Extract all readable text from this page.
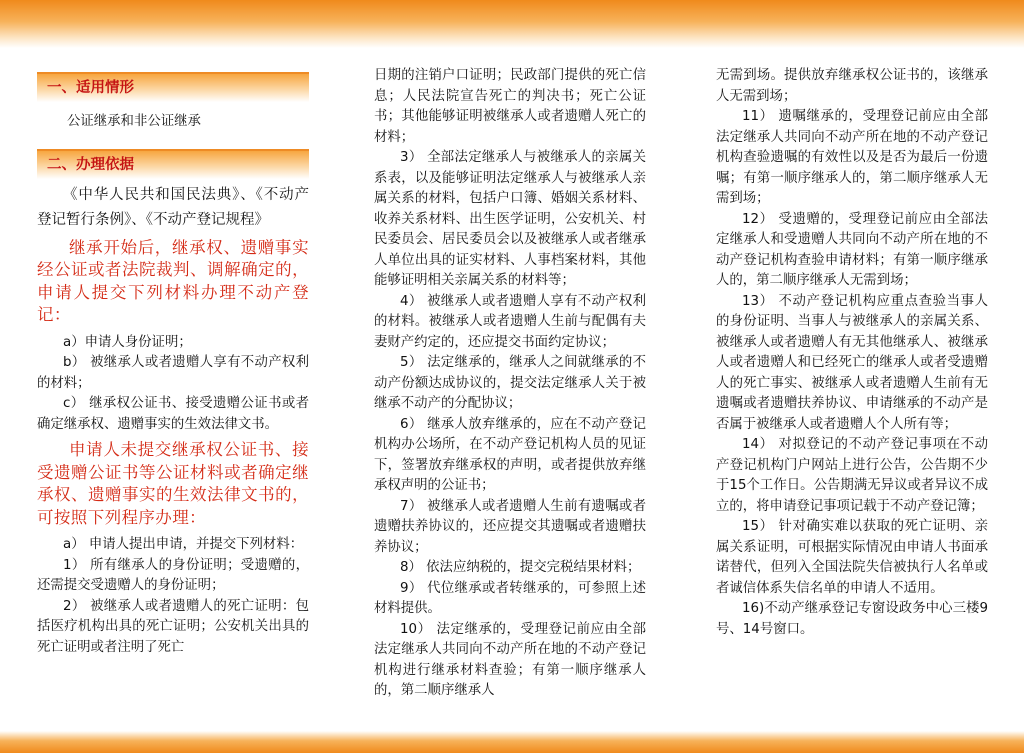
一、适用情形

公证继承和非公证继承

二、办理依据

《中华人民共和国民法典》、《不动产登记暂行条例》、《不动产登记规程》

继承开始后，继承权、遗赠事实经公证或者法院裁判、调解确定的，申请人提交下列材料办理不动产登记：

a）申请人身份证明；

b） 被继承人或者遗赠人享有不动产权利的材料；

c） 继承权公证书、接受遗赠公证书或者确定继承权、遗赠事实的生效法律文书。

申请人未提交继承权公证书、接受遗赠公证书等公证材料或者确定继承权、遗赠事实的生效法律文书的，可按照下列程序办理：

a） 申请人提出申请，并提交下列材料：

1） 所有继承人的身份证明；受遗赠的，还需提交受遗赠人的身份证明；

2） 被继承人或者遗赠人的死亡证明：包括医疗机构出具的死亡证明；公安机关出具的死亡证明或者注明了死亡

日期的注销户口证明；民政部门提供的死亡信息；人民法院宣告死亡的判决书；死亡公证书；其他能够证明被继承人或者遗赠人死亡的材料；

3） 全部法定继承人与被继承人的亲属关系表，以及能够证明法定继承人与被继承人亲属关系的材料，包括户口簿、婚姻关系材料、收养关系材料、出生医学证明，公安机关、村民委员会、居民委员会以及被继承人或者继承人单位出具的证实材料、人事档案材料，其他能够证明相关亲属关系的材料等；

4） 被继承人或者遗赠人享有不动产权利的材料。被继承人或者遗赠人生前与配偶有夫妻财产约定的，还应提交书面约定协议；

5） 法定继承的，继承人之间就继承的不动产份额达成协议的，提交法定继承人关于被继承不动产的分配协议；

6） 继承人放弃继承的，应在不动产登记机构办公场所，在不动产登记机构人员的见证下，签署放弃继承权的声明，或者提供放弃继承权声明的公证书；

7） 被继承人或者遗赠人生前有遗嘱或者遗赠扶养协议的，还应提交其遗嘱或者遗赠扶养协议；

8） 依法应纳税的，提交完税结果材料；

9） 代位继承或者转继承的，可参照上述材料提供。

10） 法定继承的，受理登记前应由全部法定继承人共同向不动产所在地的不动产登记机构进行继承材料查验；有第一顺序继承人的，第二顺序继承人

无需到场。提供放弃继承权公证书的，该继承人无需到场；

11） 遗嘱继承的，受理登记前应由全部法定继承人共同向不动产所在地的不动产登记机构查验遗嘱的有效性以及是否为最后一份遗嘱；有第一顺序继承人的，第二顺序继承人无需到场；

12） 受遗赠的，受理登记前应由全部法定继承人和受遗赠人共同向不动产所在地的不动产登记机构查验申请材料；有第一顺序继承人的，第二顺序继承人无需到场；

13） 不动产登记机构应重点查验当事人的身份证明、当事人与被继承人的亲属关系、被继承人或者遗赠人有无其他继承人、被继承人或者遗赠人和已经死亡的继承人或者受遗赠人的死亡事实、被继承人或者遗赠人生前有无遗嘱或者遗赠扶养协议、申请继承的不动产是否属于被继承人或者遗赠人个人所有等；

14） 对拟登记的不动产登记事项在不动产登记机构门户网站上进行公告，公告期不少于15个工作日。公告期满无异议或者异议不成立的，将申请登记事项记载于不动产登记簿；

15） 针对确实难以获取的死亡证明、亲属关系证明，可根据实际情况由申请人书面承诺替代，但列入全国法院失信被执行人名单或者诚信体系失信名单的申请人不适用。

16)不动产继承登记专窗设政务中心三楼9号、14号窗口。
